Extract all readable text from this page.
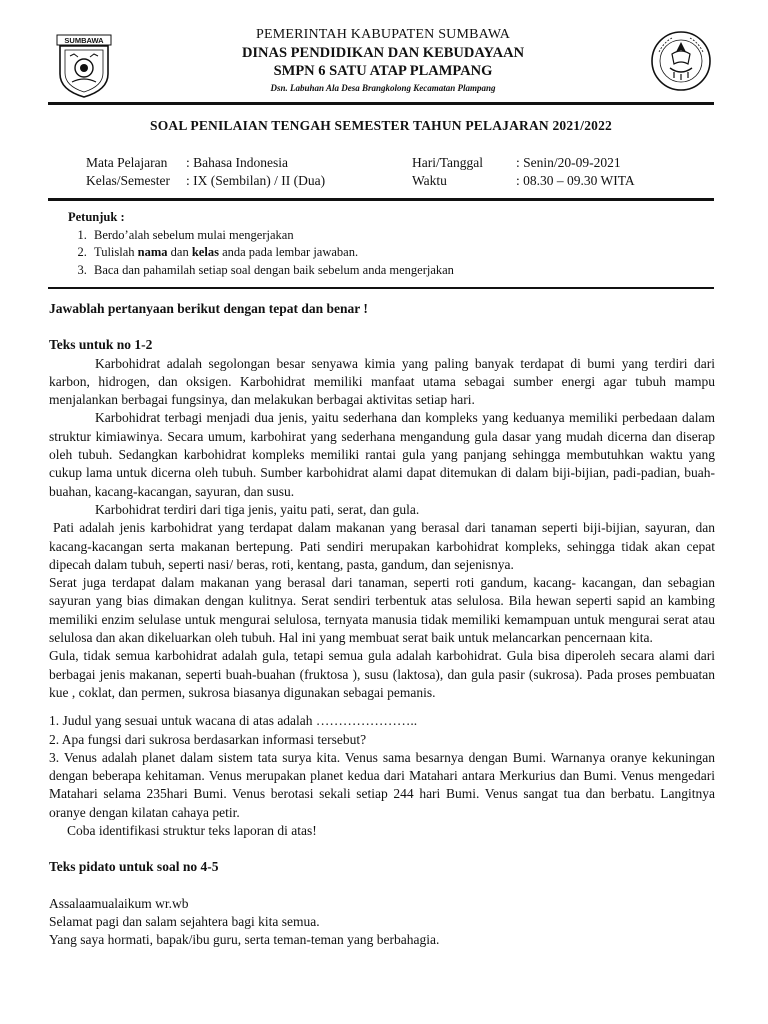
SUMBAWA	PEMERINTAH KABUPATEN SUMBAWA
DINAS PENDIDIKAN DAN KEBUDAYAAN
SMPN 6 SATU ATAP PLAMPANG
Dsn. Labuhan Ala Desa Brangkolong Kecamatan Plampang
SOAL PENILAIAN TENGAH SEMESTER TAHUN PELAJARAN 2021/2022
Mata Pelajaran : Bahasa Indonesia	Hari/Tanggal : Senin/20-09-2021
Kelas/Semester : IX (Sembilan) / II (Dua)	Waktu	: 08.30 – 09.30 WITA
Petunjuk :
1. Berdo’alah sebelum mulai mengerjakan
2. Tulislah nama dan kelas anda pada lembar jawaban.
3. Baca dan pahamilah setiap soal dengan baik sebelum anda mengerjakan
Jawablah pertanyaan berikut dengan tepat dan benar !
Teks untuk no 1-2
Karbohidrat adalah segolongan besar senyawa kimia yang paling banyak terdapat di bumi yang terdiri dari karbon, hidrogen, dan oksigen. Karbohidrat memiliki manfaat utama sebagai sumber energi agar tubuh mampu menjalankan berbagai fungsinya, dan melakukan berbagai aktivitas setiap hari.
Karbohidrat terbagi menjadi dua jenis, yaitu sederhana dan kompleks yang keduanya memiliki perbedaan dalam struktur kimiawinya. Secara umum, karbohirat yang sederhana mengandung gula dasar yang mudah dicerna dan diserap oleh tubuh. Sedangkan karbohidrat kompleks memiliki rantai gula yang panjang sehingga membutuhkan waktu yang cukup lama untuk dicerna oleh tubuh. Sumber karbohidrat alami dapat ditemukan di dalam biji-bijian, padi-padian, buah-buahan, kacang-kacangan, sayuran, dan susu.
Karbohidrat terdiri dari tiga jenis, yaitu pati, serat, dan gula.
Pati adalah jenis karbohidrat yang terdapat dalam makanan yang berasal dari tanaman seperti biji-bijian, sayuran, dan kacang-kacangan serta makanan bertepung. Pati sendiri merupakan karbohidrat kompleks, sehingga tidak akan cepat dipecah dalam tubuh, seperti nasi/ beras, roti, kentang, pasta, gandum, dan sejenisnya.
Serat juga terdapat dalam makanan yang berasal dari tanaman, seperti roti gandum, kacang- kacangan, dan sebagian sayuran yang bias dimakan dengan kulitnya. Serat sendiri terbentuk atas selulosa. Bila hewan seperti sapid an kambing memiliki enzim selulase untuk mengurai selulosa, ternyata manusia tidak memiliki kemampuan untuk mengurai serat atau selulosa dan akan dikeluarkan oleh tubuh. Hal ini yang membuat serat baik untuk melancarkan pencernaan kita.
Gula, tidak semua karbohidrat adalah gula, tetapi semua gula adalah karbohidrat. Gula bisa diperoleh secara alami dari berbagai jenis makanan, seperti buah-buahan (fruktosa ), susu (laktosa), dan gula pasir (sukrosa). Pada proses pembuatan kue , coklat, dan permen, sukrosa biasanya digunakan sebagai pemanis.
1. Judul yang sesuai untuk wacana di atas adalah …………………..
2. Apa fungsi dari sukrosa berdasarkan informasi tersebut?
3. Venus adalah planet dalam sistem tata surya kita. Venus sama besarnya dengan Bumi. Warnanya oranye kekuningan dengan beberapa kehitaman. Venus merupakan planet kedua dari Matahari antara Merkurius dan Bumi. Venus mengedari Matahari selama 235hari Bumi. Venus berotasi sekali setiap 244 hari Bumi. Venus sangat tua dan berbatu. Langitnya oranye dengan kilatan cahaya petir.
Coba identifikasi struktur teks laporan di atas!
Teks pidato untuk soal no 4-5
Assalaamualaikum wr.wb
Selamat pagi dan salam sejahtera bagi kita semua.
Yang saya hormati, bapak/ibu guru, serta teman-teman yang berbahagia.
